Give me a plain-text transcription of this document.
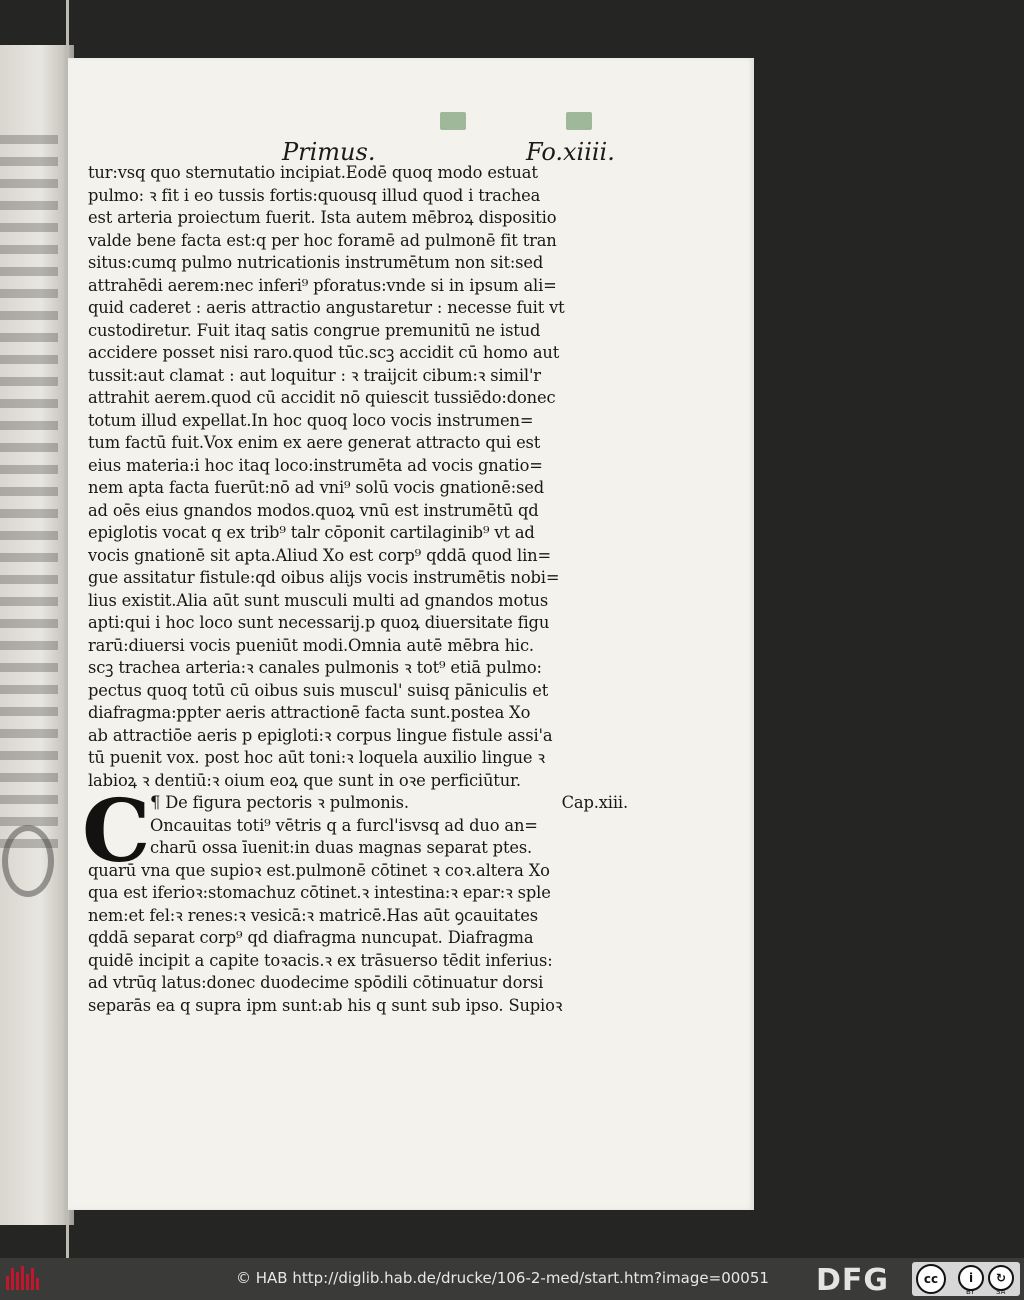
Primus.	Fo.xiiii.
tur:vsq quo sternutatio incipiat.Eodē quoq modo estuat
pulmo: ꝛ fit i eo tussis fortis:quousq illud quod i trachea
est arteria proiectum fuerit. Ista autem mēbroꝝ dispositio
valde bene facta est:q per hoc foramē ad pulmonē fit tran
situs:cumq pulmo nutricationis instrumētum non sit:sed
attrahēdi aerem:nec inferi⁹ pforatus:vnde si in ipsum ali=
quid caderet : aeris attractio angustaretur : necesse fuit vt
custodiretur. Fuit itaq satis congrue premunitū ne istud
accidere posset nisi raro.quod tūc.scꝫ accidit cū homo aut
tussit:aut clamat : aut loquitur : ꝛ traijcit cibum:ꝛ simil'r
attrahit aerem.quod cū accidit nō quiescit tussiēdo:donec
totum illud expellat.In hoc quoq loco vocis instrumen=
tum factū fuit.Vox enim ex aere generat attracto qui est
eius materia:i hoc itaq loco:instrumēta ad vocis gnatio=
nem apta facta fuerūt:nō ad vni⁹ solū vocis gnationē:sed
ad oēs eius gnandos modos.quoꝝ vnū est instrumētū qd
epiglotis vocat q ex trib⁹ talr cōponit cartilaginib⁹ vt ad
vocis gnationē sit apta.Aliud Xo est corp⁹ qddā quod lin=
gue assitatur fistule:qd oibus alijs vocis instrumētis nobi=
lius existit.Alia aūt sunt musculi multi ad gnandos motus
apti:qui i hoc loco sunt necessarij.p quoꝝ diuersitate figu
rarū:diuersi vocis pueniūt modi.Omnia autē mēbra hic.
scꝫ trachea arteria:ꝛ canales pulmonis ꝛ tot⁹ etiā pulmo:
pectus quoq totū cū oibus suis muscul' suisq pāniculis et
diafragma:ppter aeris attractionē facta sunt.postea Xo
ab attractiōe aeris p epigloti:ꝛ corpus lingue fistule assi'a
tū puenit vox. post hoc aūt toni:ꝛ loquela auxilio lingue ꝛ
labioꝝ ꝛ dentiū:ꝛ oium eoꝝ que sunt in oꝛe perficiūtur.
C ¶ De figura pectoris ꝛ pulmonis.	Cap.xiii.
Oncauitas toti⁹ vētris q a furcl'isvsq ad duo an=
charū ossa īuenit:in duas magnas separat ptes.
quarū vna que supioꝛ est.pulmonē cōtinet ꝛ coꝛ.altera Xo
qua est iferioꝛ:stomachuz cōtinet.ꝛ intestina:ꝛ epar:ꝛ sple
nem:et fel:ꝛ renes:ꝛ vesicā:ꝛ matricē.Has aūt ꝯcauitates
qddā separat corp⁹ qd diafragma nuncupat. Diafragma
quidē incipit a capite toꝛacis.ꝛ ex trāsuerso tēdit inferius:
ad vtrūq latus:donec duodecime spōdili cōtinuatur dorsi
separās ea q supra ipm sunt:ab his q sunt sub ipso. Supioꝛ
© HAB http://diglib.hab.de/drucke/106-2-med/start.htm?image=00051 DFG	cc	i	↻
BY	SA
